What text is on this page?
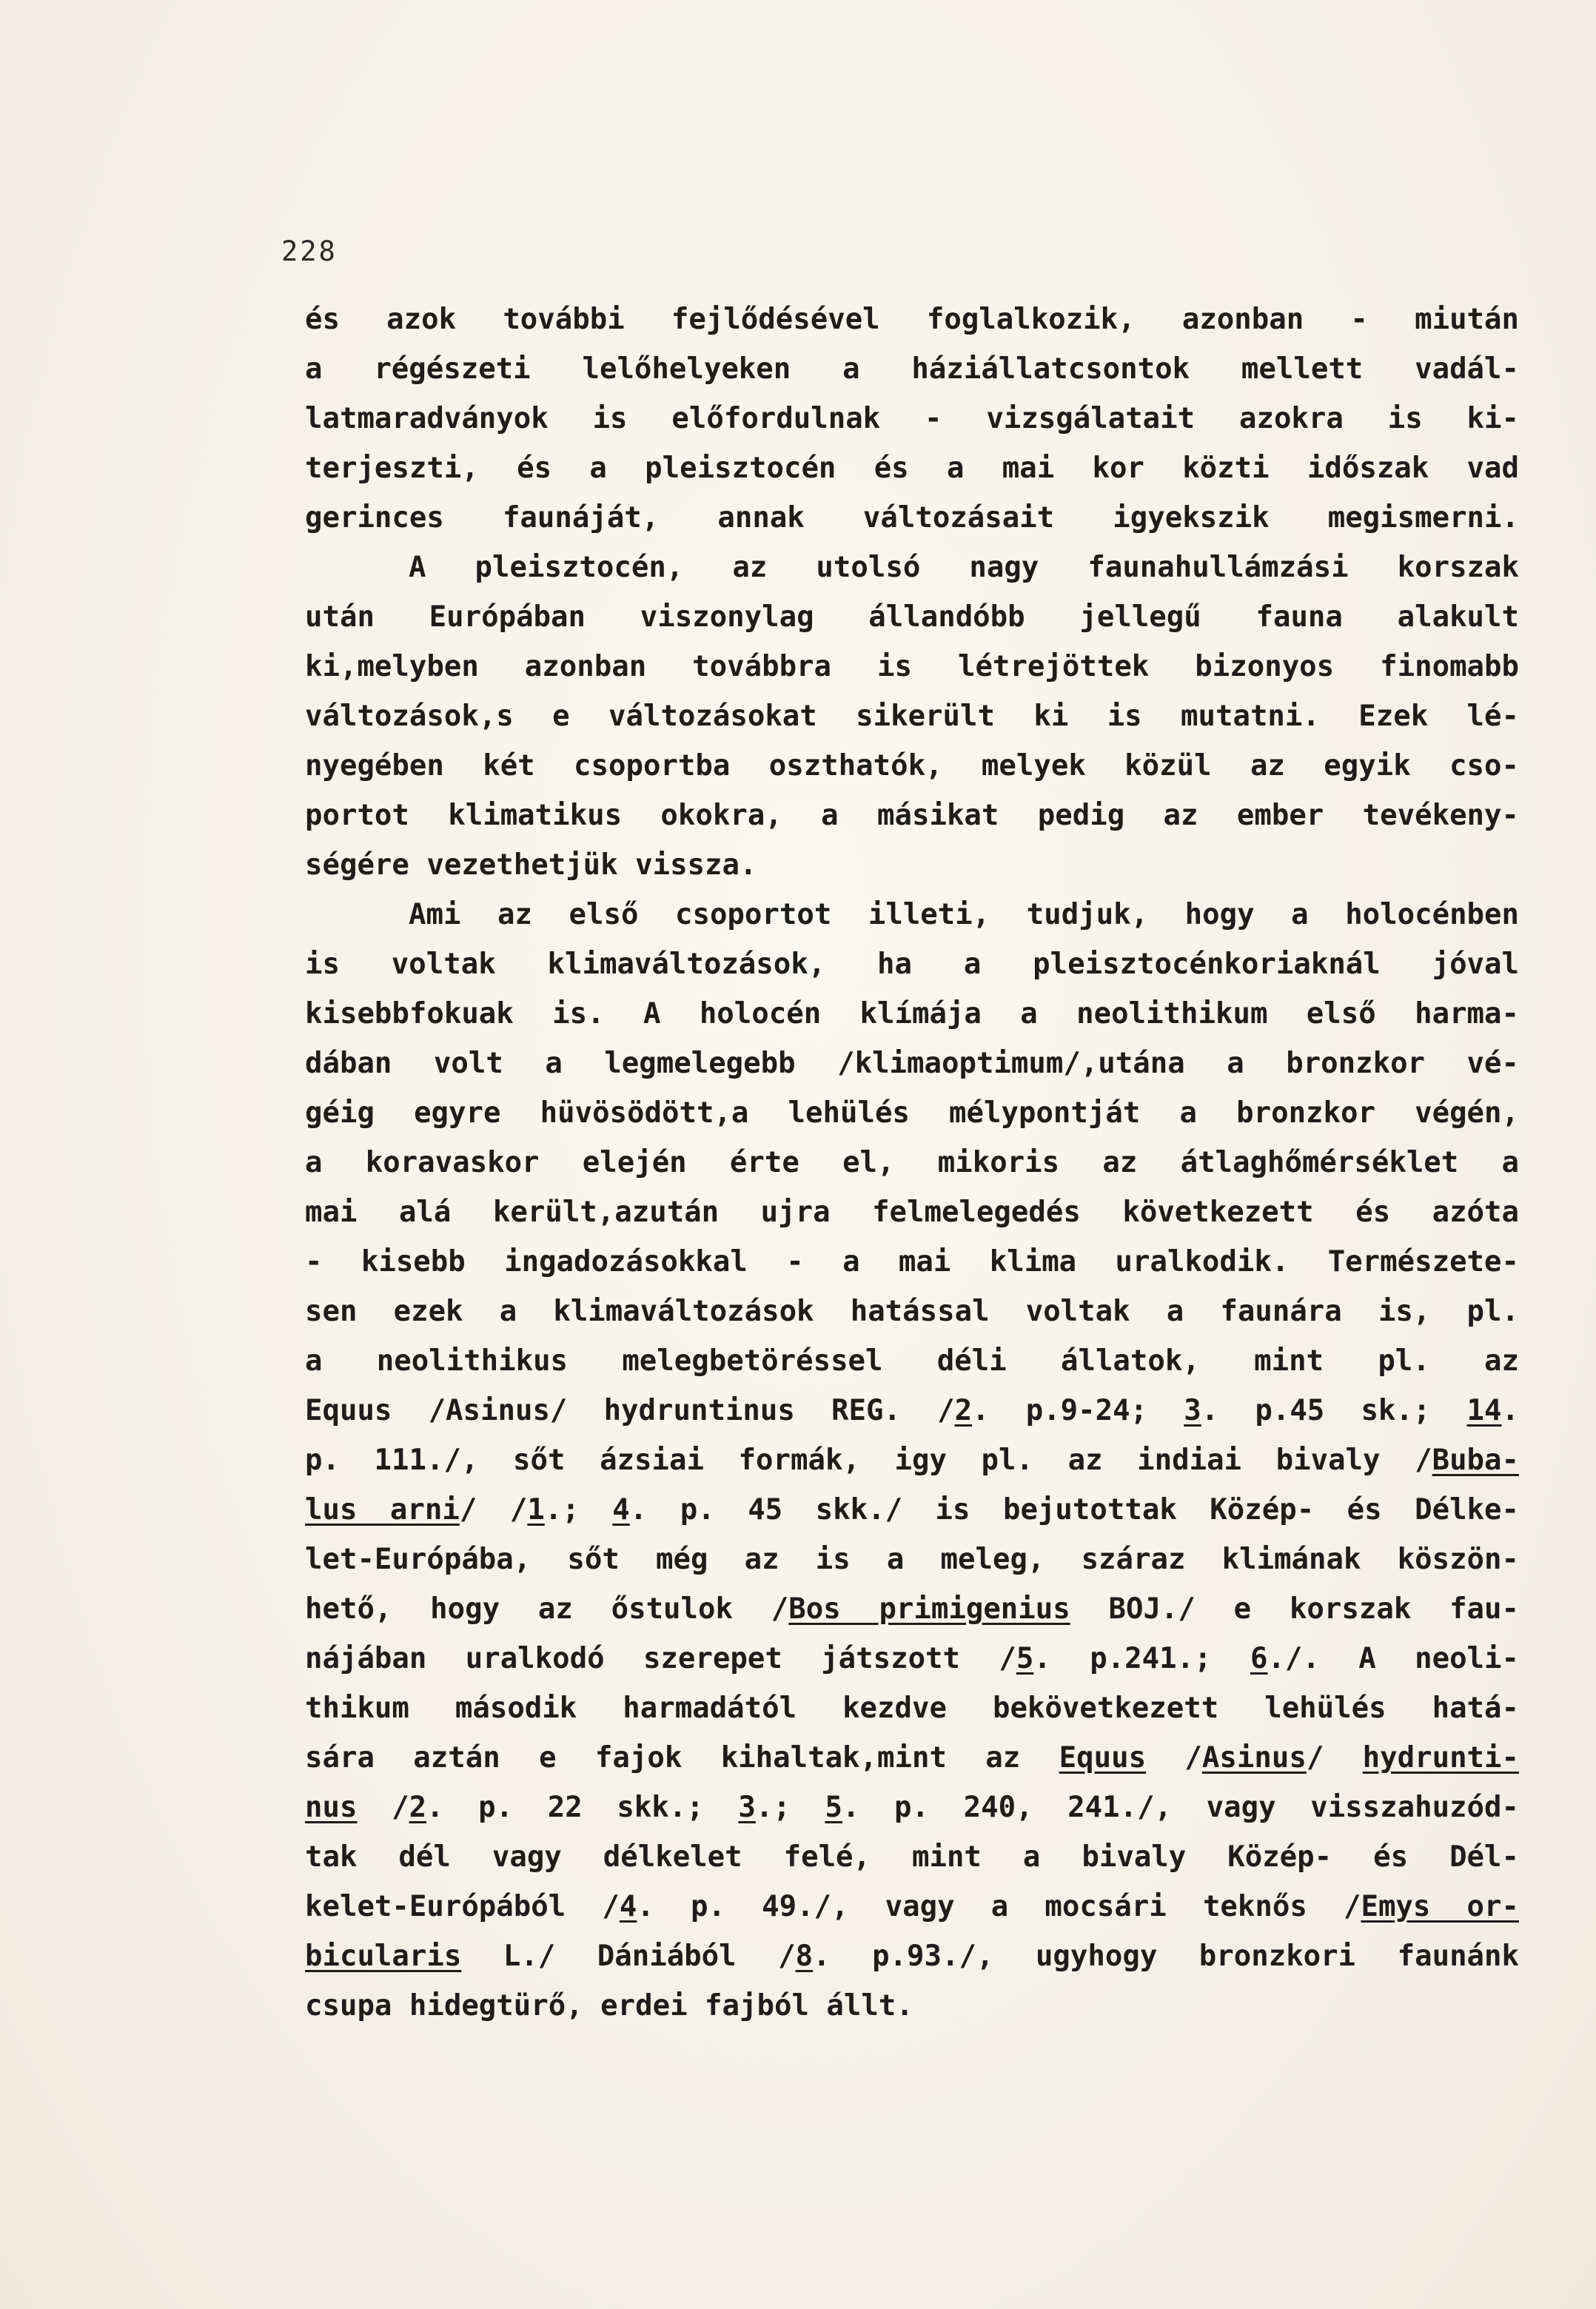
228
és azok további fejlődésével foglalkozik, azonban - miután
a régészeti lelőhelyeken a háziállatcsontok mellett vadál-
latmaradványok is előfordulnak - vizsgálatait azokra is ki-
terjeszti, és a pleisztocén és a mai kor közti időszak vad
gerinces faunáját, annak változásait igyekszik megismerni.
A pleisztocén, az utolsó nagy faunahullámzási korszak
után Európában viszonylag állandóbb jellegű fauna alakult
ki,melyben azonban továbbra is létrejöttek bizonyos finomabb
változások,s e változásokat sikerült ki is mutatni. Ezek lé-
nyegében két csoportba oszthatók, melyek közül az egyik cso-
portot klimatikus okokra, a másikat pedig az ember tevékeny-
ségére vezethetjük vissza.
Ami az első csoportot illeti, tudjuk, hogy a holocénben
is voltak klimaváltozások, ha a pleisztocénkoriaknál jóval
kisebbfokuak is. A holocén klímája a neolithikum első harma-
dában volt a legmelegebb /klimaoptimum/,utána a bronzkor vé-
géig egyre hüvösödött,a lehülés mélypontját a bronzkor végén,
a koravaskor elején érte el, mikoris az átlaghőmérséklet a
mai alá került,azután ujra felmelegedés következett és azóta
- kisebb ingadozásokkal - a mai klima uralkodik. Természete-
sen ezek a klimaváltozások hatással voltak a faunára is, pl.
a neolithikus melegbetöréssel déli állatok, mint pl. az
Equus /Asinus/ hydruntinus REG. /2. p.9-24; 3. p.45 sk.; 14.
p. 111./, sőt ázsiai formák, igy pl. az indiai bivaly /Buba-
lus arni/ /1.; 4. p. 45 skk./ is bejutottak Közép- és Délke-
let-Európába, sőt még az is a meleg, száraz klimának köszön-
hető, hogy az őstulok /Bos primigenius BOJ./ e korszak fau-
nájában uralkodó szerepet játszott /5. p.241.; 6./. A neoli-
thikum második harmadától kezdve bekövetkezett lehülés hatá-
sára aztán e fajok kihaltak,mint az Equus /Asinus/ hydrunti-
nus /2. p. 22 skk.; 3.; 5. p. 240, 241./, vagy visszahuzód-
tak dél vagy délkelet felé, mint a bivaly Közép- és Dél-
kelet-Európából /4. p. 49./, vagy a mocsári teknős /Emys or-
bicularis L./ Dániából /8. p.93./, ugyhogy bronzkori faunánk
csupa hidegtürő, erdei fajból állt.
